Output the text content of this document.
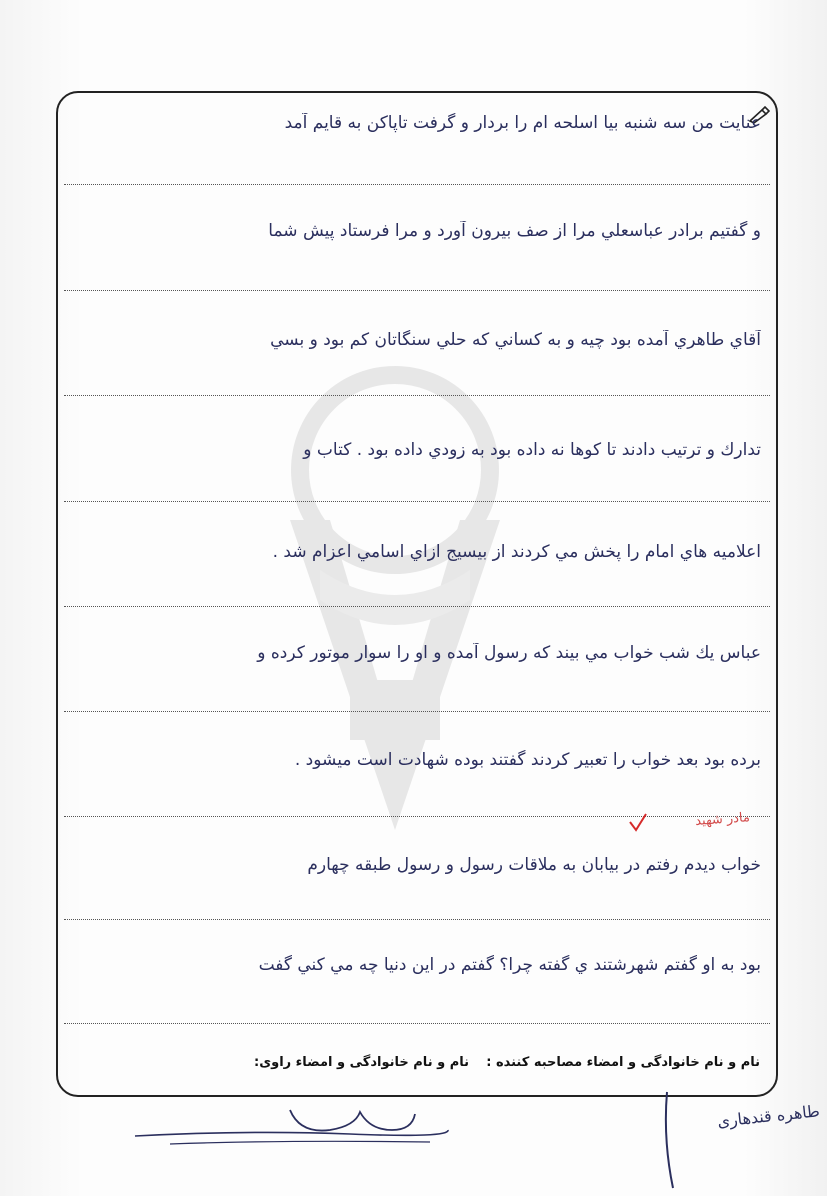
عنايت من سه شنبه بيا اسلحه ام را بردار و گرفت تاپاكن به قايم آمد
و گفتيم برادر عباسعلي مرا از صف بيرون آورد و مرا فرستاد پيش شما
آقاي طاهري آمده بود چيه و به کساني که حلي سنگاتان کم بود و بسي
تدارك و ترتيب دادند تا کوها نه داده بود به زودي داده بود . كتاب و
اعلاميه هاي امام را پخش مي كردند از بيسيج ازاي اسامي اعزام شد .
عباس يك شب خواب مي بيند كه رسول آمده و او را سوار موتور كرده و
برده بود بعد خواب را تعبير كردند گفتند بوده شهادت است ميشود .
مادر شهيد
خواب ديدم رفتم در بيابان به ملاقات رسول و رسول طبقه چهارم
بود به او گفتم شهرشتند ي گفته چرا؟ گفتم در اين دنيا چه مي كني گفت
نام و نام خانوادگی و امضاء مصاحبه کننده :
نام و نام خانوادگی و امضاء راوی:
طاهره قندهاری
